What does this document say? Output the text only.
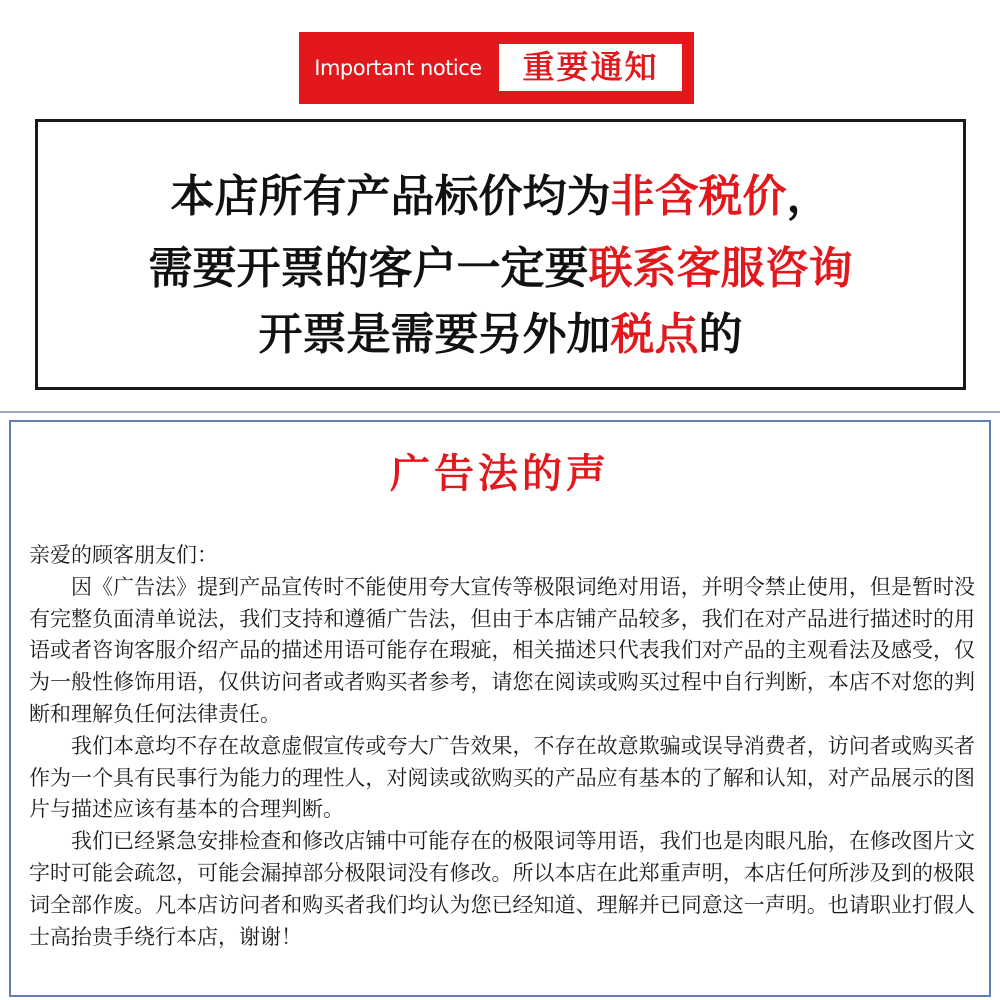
Important notice	重要通知
本店所有产品标价均为非含税价，
需要开票的客户一定要联系客服咨询
开票是需要另外加税点的
广告法的声
亲爱的顾客朋友们：

因《广告法》提到产品宣传时不能使用夸大宣传等极限词绝对用语，并明令禁止使用，但是暂时没有完整负面清单说法，我们支持和遵循广告法，但由于本店铺产品较多，我们在对产品进行描述时的用语或者咨询客服介绍产品的描述用语可能存在瑕疵，相关描述只代表我们对产品的主观看法及感受，仅为一般性修饰用语，仅供访问者或者购买者参考，请您在阅读或购买过程中自行判断，本店不对您的判断和理解负任何法律责任。

我们本意均不存在故意虚假宣传或夸大广告效果，不存在故意欺骗或误导消费者，访问者或购买者作为一个具有民事行为能力的理性人，对阅读或欲购买的产品应有基本的了解和认知，对产品展示的图片与描述应该有基本的合理判断。

我们已经紧急安排检查和修改店铺中可能存在的极限词等用语，我们也是肉眼凡胎，在修改图片文字时可能会疏忽，可能会漏掉部分极限词没有修改。所以本店在此郑重声明，本店任何所涉及到的极限词全部作废。凡本店访问者和购买者我们均认为您已经知道、理解并已同意这一声明。也请职业打假人士高抬贵手绕行本店，谢谢！
